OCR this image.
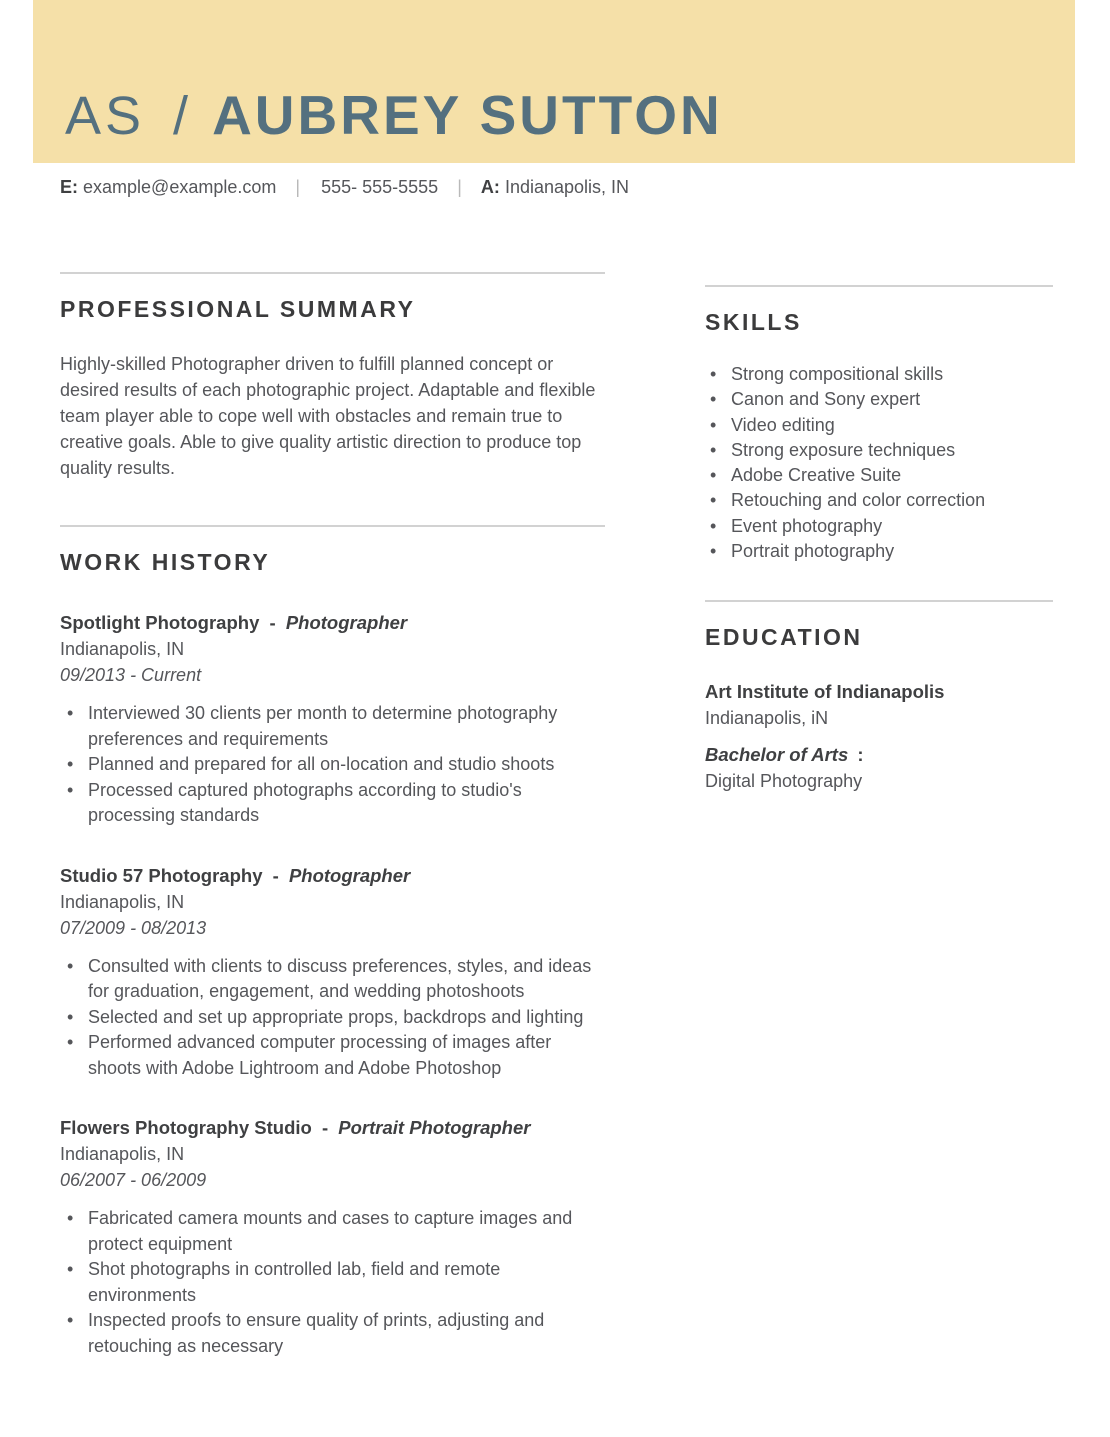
AS / AUBREY SUTTON
E: example@example.com | 555- 555-5555 | A: Indianapolis, IN
PROFESSIONAL SUMMARY

Highly-skilled Photographer driven to fulfill planned concept or desired results of each photographic project. Adaptable and flexible team player able to cope well with obstacles and remain true to creative goals. Able to give quality artistic direction to produce top quality results.

WORK HISTORY
Spotlight Photography - Photographer
Indianapolis, IN
09/2013 - Current
• Interviewed 30 clients per month to determine photography preferences and requirements
• Planned and prepared for all on-location and studio shoots
• Processed captured photographs according to studio's processing standards
Studio 57 Photography - Photographer
Indianapolis, IN
07/2009 - 08/2013
• Consulted with clients to discuss preferences, styles, and ideas for graduation, engagement, and wedding photoshoots
• Selected and set up appropriate props, backdrops and lighting
• Performed advanced computer processing of images after shoots with Adobe Lightroom and Adobe Photoshop
Flowers Photography Studio - Portrait Photographer
Indianapolis, IN
06/2007 - 06/2009
• Fabricated camera mounts and cases to capture images and protect equipment
• Shot photographs in controlled lab, field and remote environments
• Inspected proofs to ensure quality of prints, adjusting and retouching as necessary
SKILLS
• Strong compositional skills
• Canon and Sony expert
• Video editing
• Strong exposure techniques
• Adobe Creative Suite
• Retouching and color correction
• Event photography
• Portrait photography
EDUCATION
Art Institute of Indianapolis
Indianapolis, iN
Bachelor of Arts :
Digital Photography
